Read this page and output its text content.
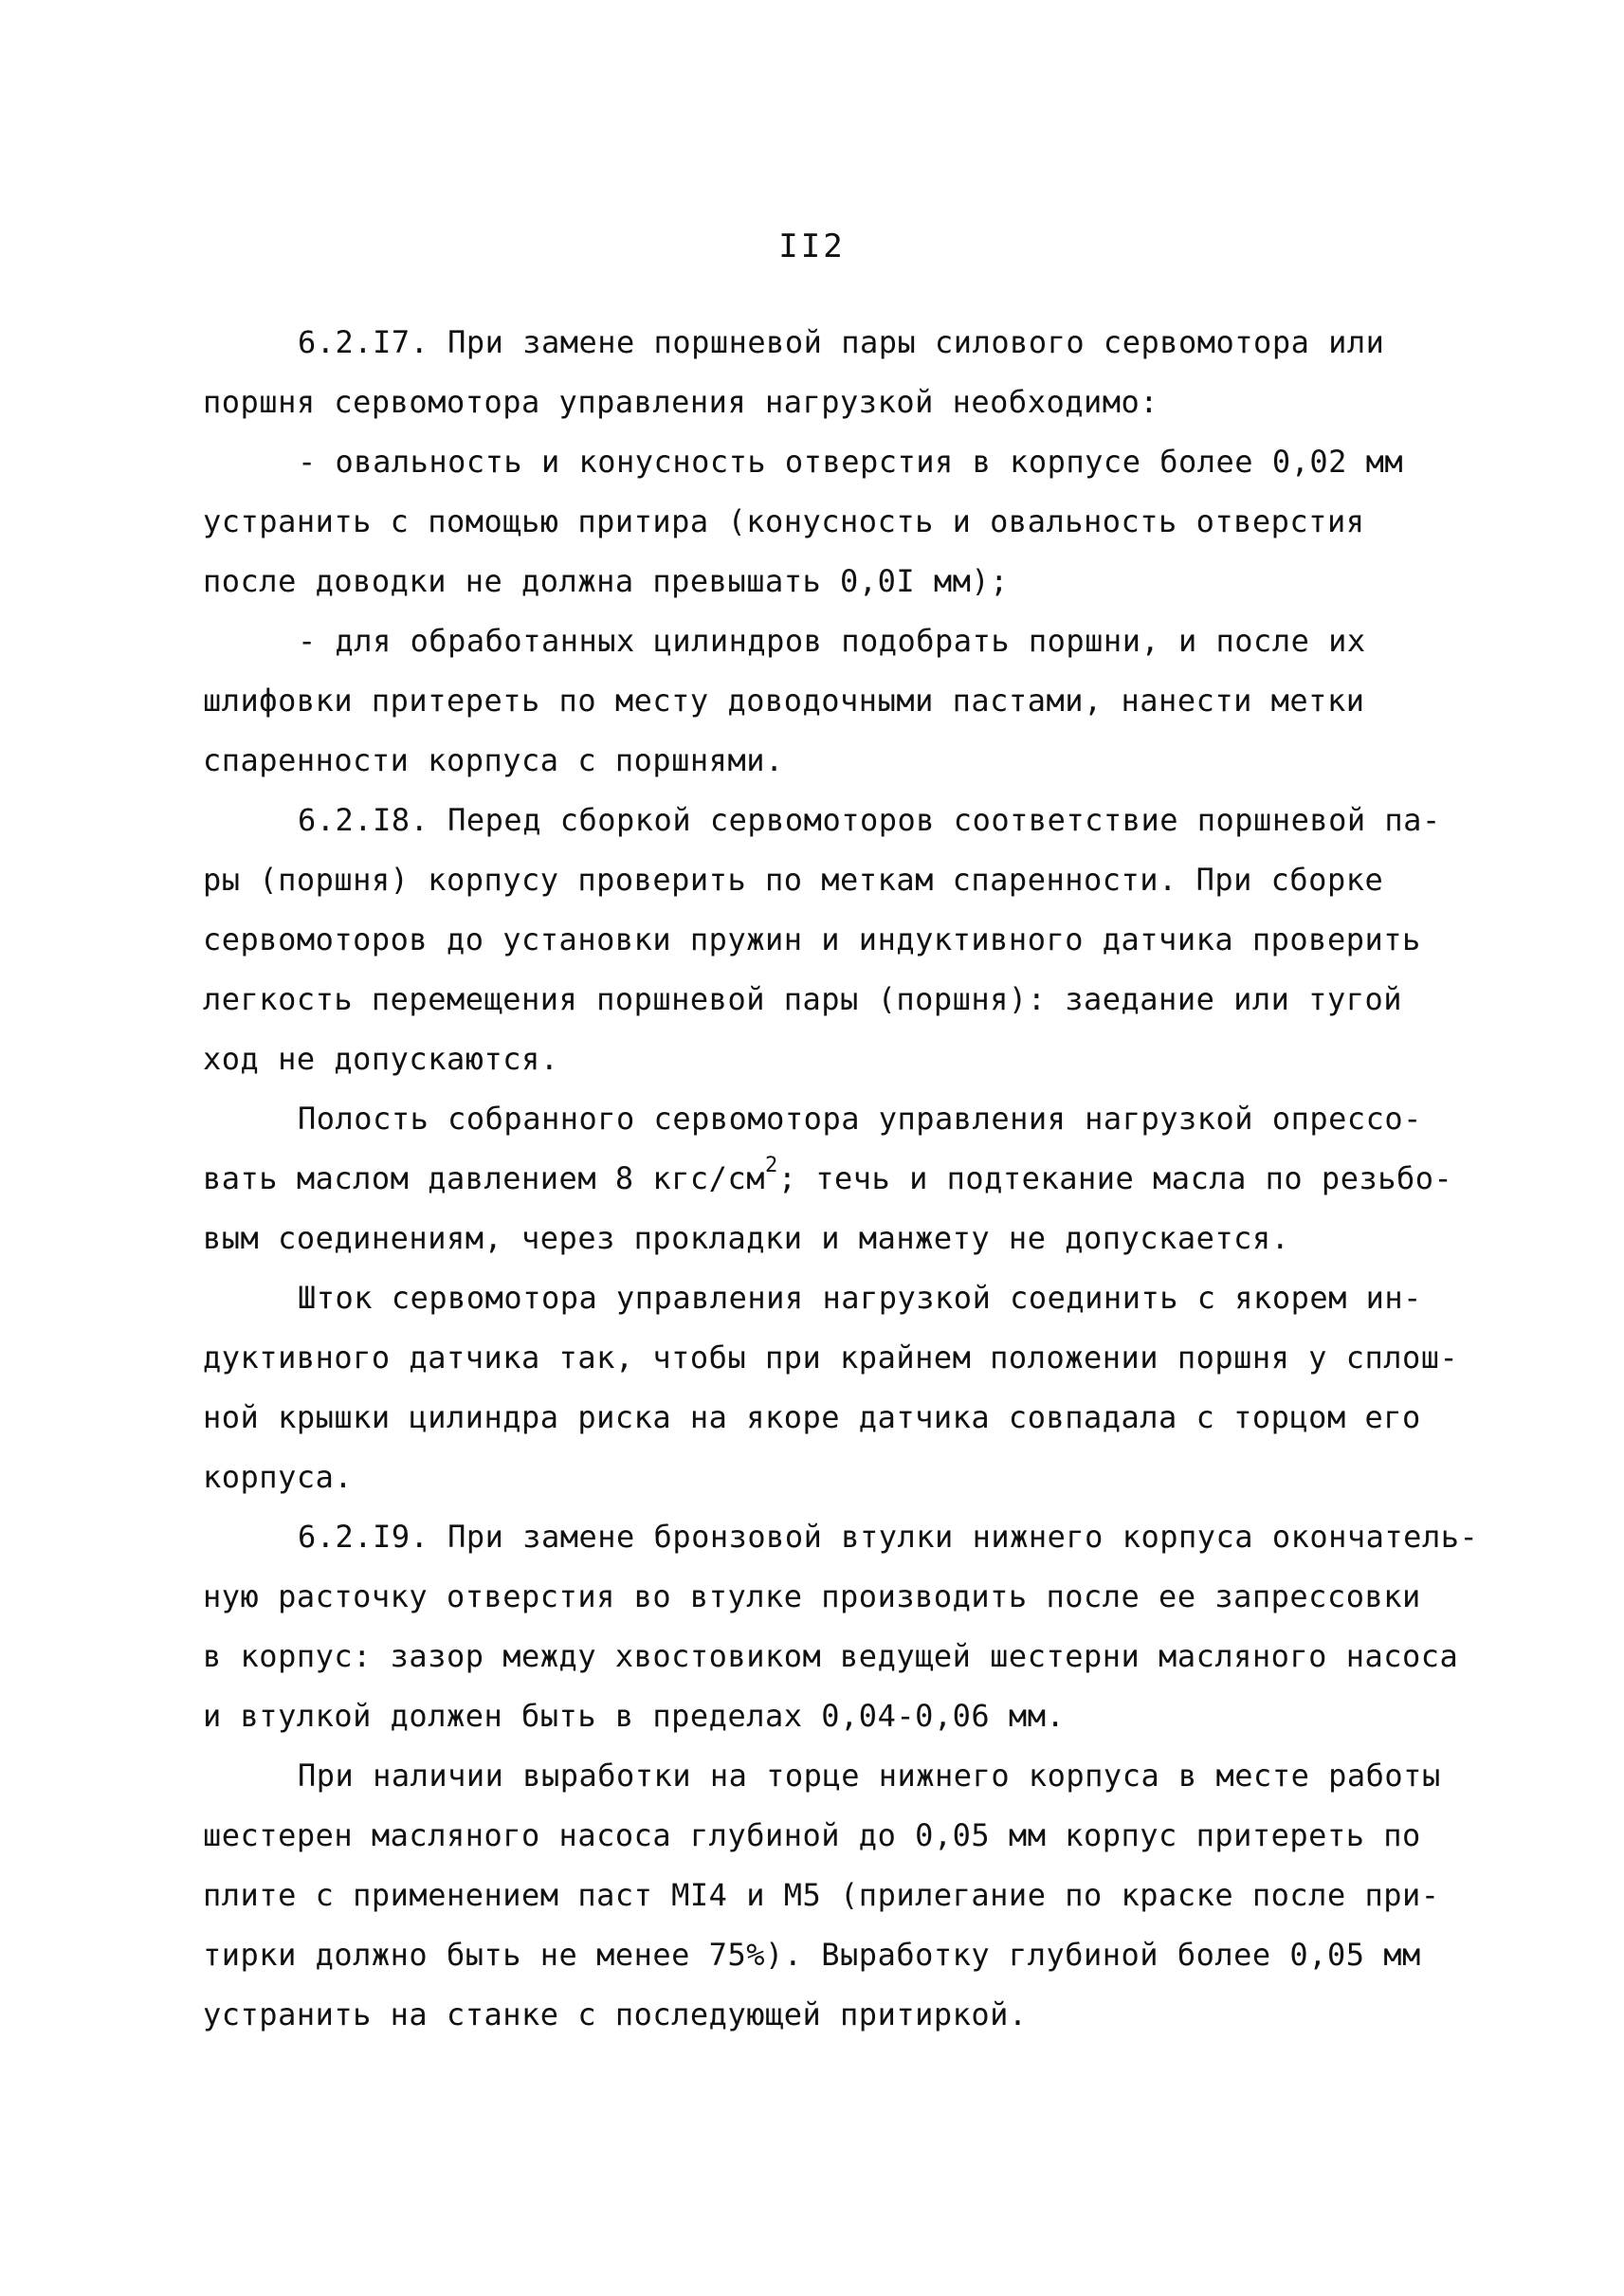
II2
6.2.I7. При замене поршневой пары силового сервомотора или
поршня сервомотора управления нагрузкой необходимо:
- овальность и конусность отверстия в корпусе более 0,02 мм
устранить с помощью притира (конусность и овальность отверстия
после доводки не должна превышать 0,0I мм);
- для обработанных цилиндров подобрать поршни, и после их
шлифовки притереть по месту доводочными пастами, нанести метки
спаренности корпуса с поршнями.
6.2.I8. Перед сборкой сервомоторов соответствие поршневой па-
ры (поршня) корпусу проверить по меткам спаренности. При сборке
сервомоторов до установки пружин и индуктивного датчика проверить
легкость перемещения поршневой пары (поршня): заедание или тугой
ход не допускаются.
Полость собранного сервомотора управления нагрузкой опрессо-
вать маслом давлением 8 кгс/$см^2$; течь и подтекание масла по резьбо-
вым соединениям, через прокладки и манжету не допускается.
Шток сервомотора управления нагрузкой соединить с якорем ин-
дуктивного датчика так, чтобы при крайнем положении поршня у сплош-
ной крышки цилиндра риска на якоре датчика совпадала с торцом его
корпуса.
6.2.I9. При замене бронзовой втулки нижнего корпуса окончатель-
ную расточку отверстия во втулке производить после ее запрессовки
в корпус: зазор между хвостовиком ведущей шестерни масляного насоса
и втулкой должен быть в пределах 0,04-0,06 мм.
При наличии выработки на торце нижнего корпуса в месте работы
шестерен масляного насоса глубиной до 0,05 мм корпус притереть по
плите с применением паст МI4 и М5 (прилегание по краске после при-
тирки должно быть не менее 75%). Выработку глубиной более 0,05 мм
устранить на станке с последующей притиркой.
